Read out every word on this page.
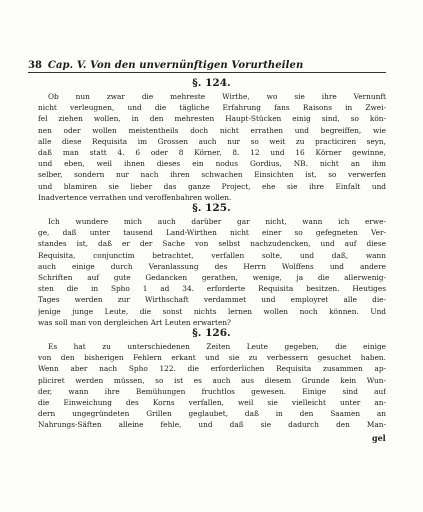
38 Cap. V. Von den unvernünftigen Vorurtheilen
§. 124.
Ob nun zwar die mehreste Wirthe, wo sie ihre Vernunft
nicht verleugnen, und die tägliche Erfahrung fans Raisons in Zwei-
fel ziehen wollen, in den mehresten Haupt-Stücken einig sind, so kön-
nen oder wollen meistentheils doch nicht errathen und begreiffen, wie
alle diese Requisita im Grossen auch nur so weit zu practiciren seyn,
daß man statt 4. 6 oder 8 Körner, 8. 12 und 16 Körner gewinne,
und eben, weil ihnen dieses ein nodus Gordius, NB. nicht an ihm
selber, sondern nur nach ihren schwachen Einsichten ist, so verwerfen
und blamiren sie lieber das ganze Project, ehe sie ihre Einfalt und
Inadvertence verrathen und veroffenbahren wollen.
§. 125.
Ich wundere mich auch darüber gar nicht, wann ich erwe-
ge, daß unter tausend Land-Wirthen nicht einer so gefegneten Ver-
standes ist, daß er der Sache von selbst nachzudencken, und auf diese
Requisita, conjunctim betrachtet, verfallen solte, und daß, wann
auch einige durch Veranlassung des Herrn Wolffens und andere
Schriften auf gute Gedancken gerathen, wenige, ja die allerwenig-
sten die in Spho 1 ad 34. erforderte Requisita besitzen. Heutiges
Tages werden zur Wirthschaft verdammet und employret alle die-
jenige junge Leute, die sonst nichts lernen wollen noch können. Und
was soll man von dergleichen Art Leuten erwarten?
§. 126.
Es hat zu unterschiedenen Zeiten Leute gegeben, die einige
von den bisherigen Fehlern erkant und sie zu verbessern gesuchet haben.
Wenn aber nach Spho 122. die erforderlichen Requisita zusammen ap-
pliciret werden müssen, so ist es auch aus diesem Grunde kein Wun-
der, wann ihre Bemühungen fruchtlos gewesen. Einige sind auf
die Einweichung des Korns verfallen, weil sie vielleicht unter an-
dern ungegründeten Grillen geglaubet, daß in den Saamen an
Nahrungs-Säften alleine fehle, und daß sie dadurch den Man-
gel
